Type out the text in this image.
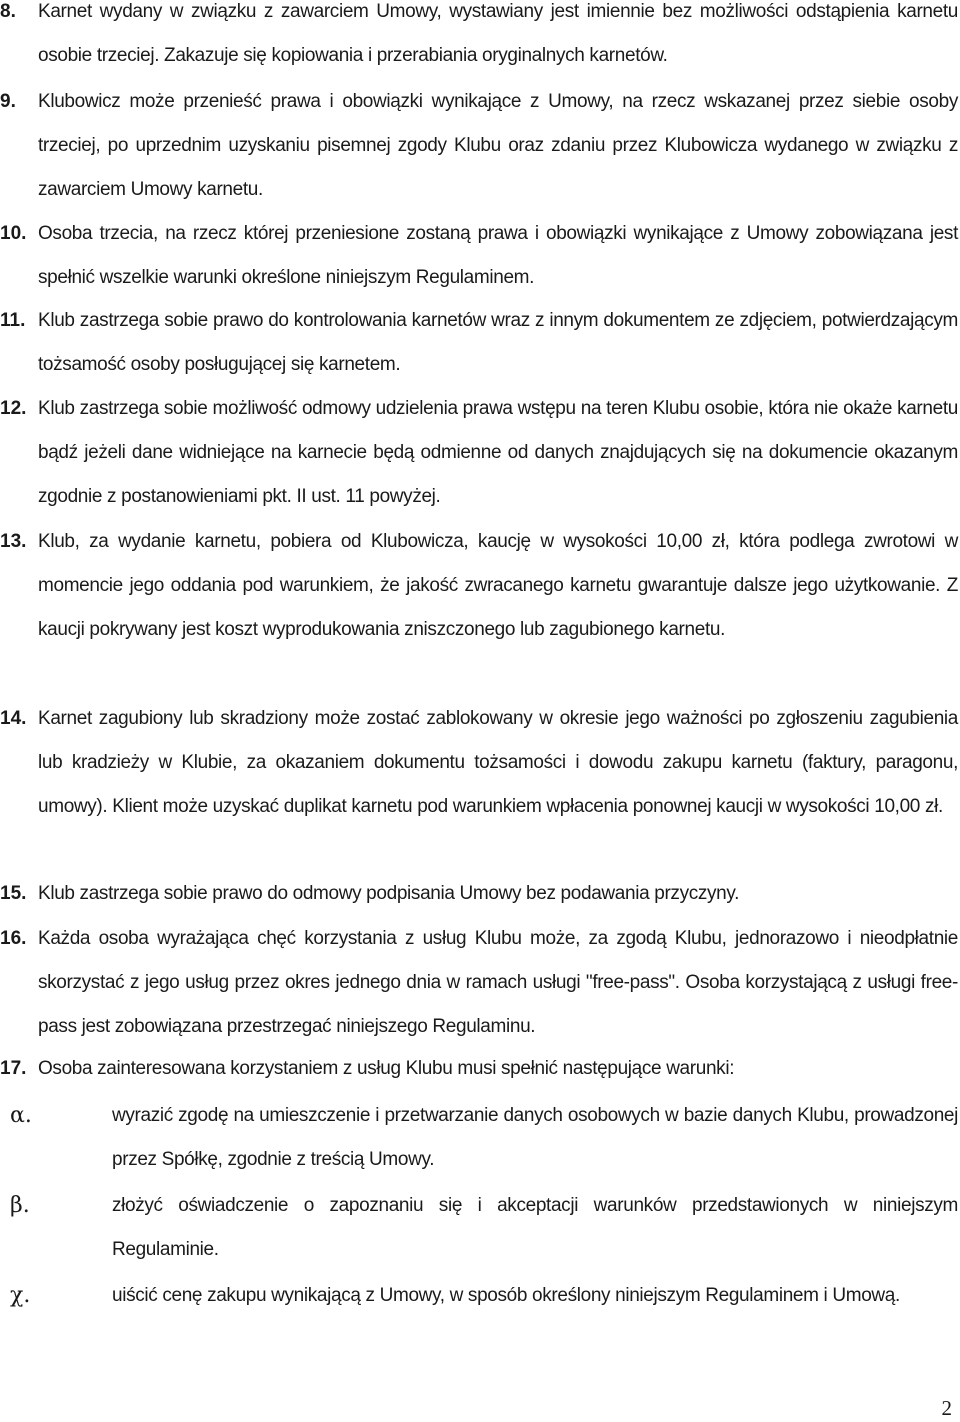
8. Karnet wydany w związku z zawarciem Umowy, wystawiany jest imiennie bez możliwości odstąpienia karnetu osobie trzeciej. Zakazuje się kopiowania i przerabiania oryginalnych karnetów.
9. Klubowicz może przenieść prawa i obowiązki wynikające z Umowy, na rzecz wskazanej przez siebie osoby trzeciej, po uprzednim uzyskaniu pisemnej zgody Klubu oraz zdaniu przez Klubowicza wydanego w związku z zawarciem Umowy karnetu.
10. Osoba trzecia, na rzecz której przeniesione zostaną prawa i obowiązki wynikające z Umowy zobowiązana jest spełnić wszelkie warunki określone niniejszym Regulaminem.
11. Klub zastrzega sobie prawo do kontrolowania karnetów wraz z innym dokumentem ze zdjęciem, potwierdzającym tożsamość osoby posługującej się karnetem.
12. Klub zastrzega sobie możliwość odmowy udzielenia prawa wstępu na teren Klubu osobie, która nie okaże karnetu bądź jeżeli dane widniejące na karnecie będą odmienne od danych znajdujących się na dokumencie okazanym zgodnie z postanowieniami pkt. II ust. 11 powyżej.
13. Klub, za wydanie karnetu, pobiera od Klubowicza, kaucję w wysokości 10,00 zł, która podlega zwrotowi w momencie jego oddania pod warunkiem, że jakość zwracanego karnetu gwarantuje dalsze jego użytkowanie. Z kaucji pokrywany jest koszt wyprodukowania zniszczonego lub zagubionego karnetu.
14. Karnet zagubiony lub skradziony może zostać zablokowany w okresie jego ważności po zgłoszeniu zagubienia lub kradzieży w Klubie, za okazaniem dokumentu tożsamości i dowodu zakupu karnetu (faktury, paragonu, umowy). Klient może uzyskać duplikat karnetu pod warunkiem wpłacenia ponownej kaucji w wysokości 10,00 zł.
15. Klub zastrzega sobie prawo do odmowy podpisania Umowy bez podawania przyczyny.
16. Każda osoba wyrażająca chęć korzystania z usług Klubu może, za zgodą Klubu, jednorazowo i nieodpłatnie skorzystać z jego usług przez okres jednego dnia w ramach usługi "free-pass". Osoba korzystającą z usługi free-pass jest zobowiązana przestrzegać niniejszego Regulaminu.
17. Osoba zainteresowana korzystaniem z usług Klubu musi spełnić następujące warunki:
α.	wyrazić zgodę na umieszczenie i przetwarzanie danych osobowych w bazie danych Klubu, prowadzonej przez Spółkę, zgodnie z treścią Umowy.
β.	złożyć oświadczenie o zapoznaniu się i akceptacji warunków przedstawionych w niniejszym Regulaminie.
χ.	uiścić cenę zakupu wynikającą z Umowy, w sposób określony niniejszym Regulaminem i Umową.
2
